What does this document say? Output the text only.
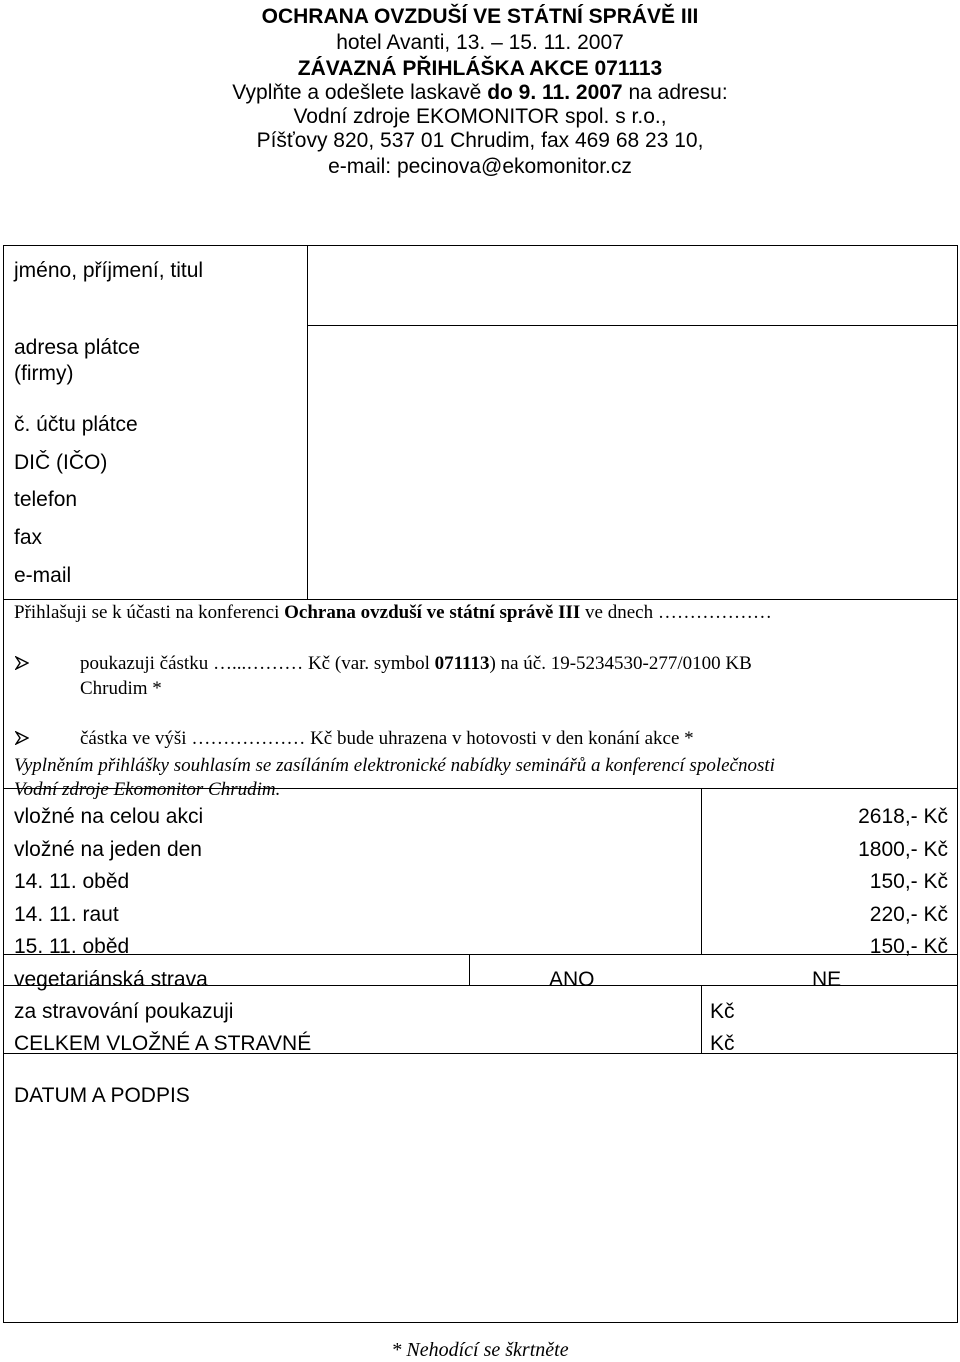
OCHRANA OVZDUŠÍ VE STÁTNÍ SPRÁVĚ III
hotel Avanti, 13. – 15. 11. 2007
ZÁVAZNÁ PŘIHLÁŠKA AKCE 071113
Vyplňte a odešlete laskavě do 9. 11. 2007 na adresu:
Vodní zdroje EKOMONITOR spol. s r.o.,
Píšťovy 820, 537 01 Chrudim, fax 469 68 23 10,
e-mail: pecinova@ekomonitor.cz
jméno, příjmení, titul
adresa plátce
(firmy)
č. účtu plátce
DIČ (IČO)
telefon
fax
e-mail
Přihlašuji se k účasti na konferenci Ochrana ovzduší ve státní správě III ve dnech ………………
poukazuji částku …...……… Kč (var. symbol 071113) na úč. 19-5234530-277/0100 KB
Chrudim *
částka ve výši ……………… Kč bude uhrazena v hotovosti v den konání akce *
Vyplněním přihlášky souhlasím se zasíláním elektronické nabídky seminářů a konferencí společnosti
Vodní zdroje Ekomonitor Chrudim.
vložné na celou akci	2618,- Kč
vložné na jeden den	1800,- Kč
14. 11. oběd	150,- Kč
14. 11. raut	220,- Kč
15. 11. oběd	150,- Kč
vegetariánská strava	ANO	NE
za stravování poukazuji	Kč
CELKEM VLOŽNÉ A STRAVNÉ	Kč
DATUM A PODPIS
* Nehodící se škrtněte
